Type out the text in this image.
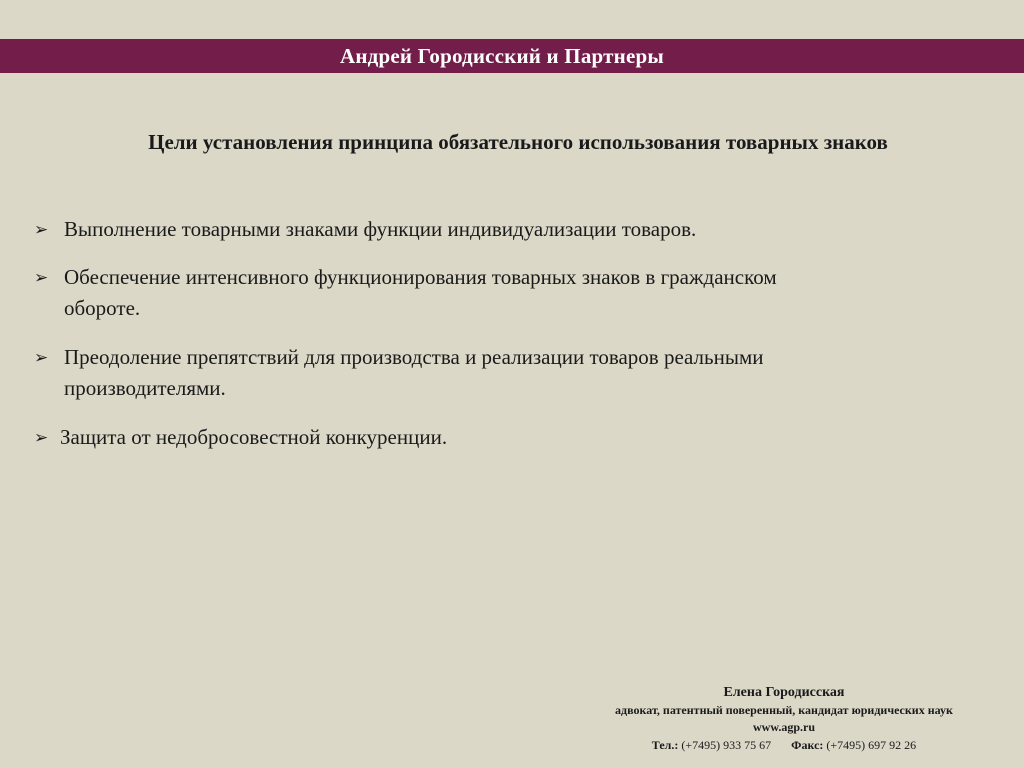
Андрей Городисский и Партнеры
Цели установления принципа обязательного использования товарных знаков
➢ Выполнение товарными знаками функции индивидуализации товаров.
➢ Обеспечение интенсивного функционирования товарных знаков в гражданском
обороте.
➢ Преодоление препятствий для производства и реализации товаров реальными
производителями.
➢ Защита от недобросовестной конкуренции.
Елена Городисская
адвокат, патентный поверенный, кандидат юридических наук
www.agp.ru
Тел.: (+7495) 933 75 67 Факс: (+7495) 697 92 26
